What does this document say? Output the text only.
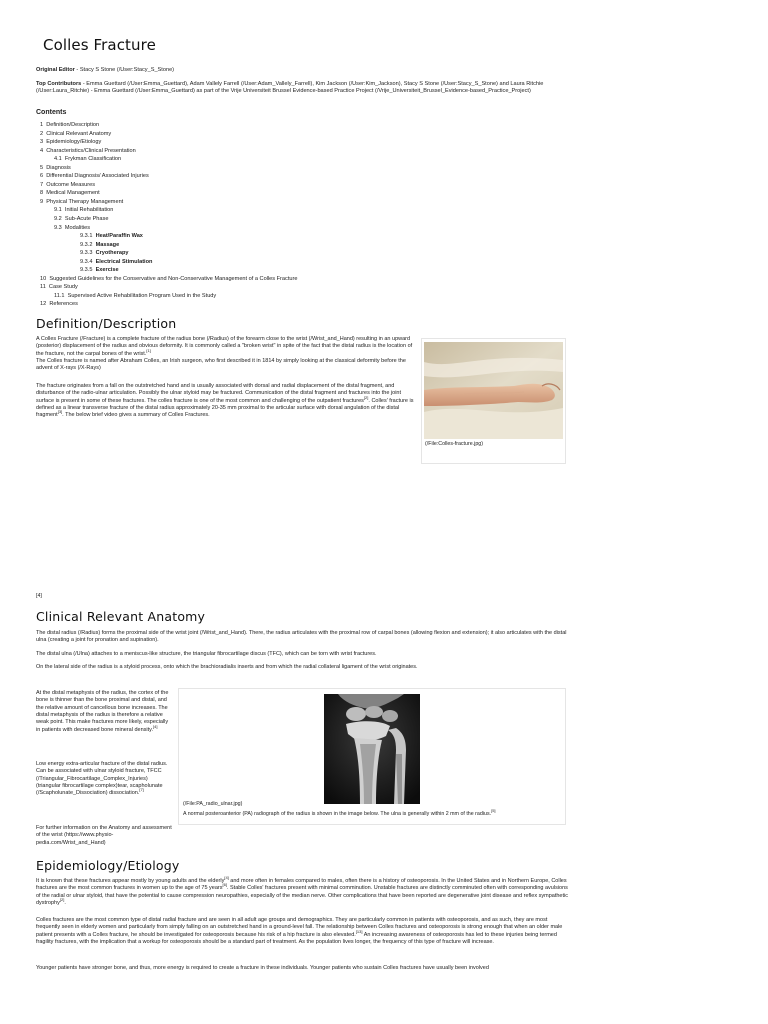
Colles Fracture
Original Editor - Stacy S Stone (/User:Stacy_S_Stone)
Top Contributors - Emma Guettard (/User:Emma_Guettard), Adam Vallely Farrell (/User:Adam_Vallely_Farrell), Kim Jackson (/User:Kim_Jackson), Stacy S Stone (/User:Stacy_S_Stone) and Laura Ritchie (/User:Laura_Ritchie) - Emma Guettard (/User:Emma_Guettard) as part of the Vrije Universiteit Brussel Evidence-based Practice Project (/Vrije_Universiteit_Brussel_Evidence-based_Practice_Project)
Contents
1 Definition/Description
2 Clinical Relevant Anatomy
3 Epidemiology/Etiology
4 Characteristics/Clinical Presentation
4.1 Frykman Classification
5 Diagnosis
6 Differential Diagnosis/ Associated Injuries
7 Outcome Measures
8 Medical Management
9 Physical Therapy Management
9.1 Initial Rehabilitation
9.2 Sub-Acute Phase
9.3 Modalities
9.3.1 Heat/Paraffin Wax
9.3.2 Massage
9.3.3 Cryotherapy
9.3.4 Electrical Stimulation
9.3.5 Exercise
10 Suggested Guidelines for the Conservative and Non-Conservative Management of a Colles Fracture
11 Case Study
11.1 Supervised Active Rehabilitation Program Used in the Study
12 References
Definition/Description

A Colles Fracture (/Fracture) is a complete fracture of the radius bone (/Radius) of the forearm close to the wrist (/Wrist_and_Hand) resulting in an upward (posterior) displacement of the radius and obvious deformity. It is commonly called a "broken wrist" in spite of the fact that the distal radius is the location of the fracture, not the carpal bones of the wrist.[1]
The Colles fracture is named after Abraham Colles, an Irish surgeon, who first described it in 1814 by simply looking at the classical deformity before the advent of X-rays (/X-Rays)

The fracture originates from a fall on the outstretched hand and is usually associated with dorsal and radial displacement of the distal fragment, and disturbance of the radio-ulnar articulation. Possibly the ulnar styloid may be fractured. Communication of the distal fragment and fractures into the joint surface is present in some of these fractures. The colles fracture is one of the most common and challenging of the outpatient fractures[2]. Colles' fracture is defined as a linear transverse fracture of the distal radius approximately 20-35 mm proximal to the articular surface with dorsal angulation of the distal fragment[3]. The below brief video gives a summary of Colles Fractures.

(/File:Colles-fracture.jpg)
[4]
Clinical Relevant Anatomy

The distal radius (/Radius) forms the proximal side of the wrist joint (/Wrist_and_Hand). There, the radius articulates with the proximal row of carpal bones (allowing flexion and extension); it also articulates with the distal ulna (creating a joint for pronation and supination).

The distal ulna (/Ulna) attaches to a meniscus-like structure, the triangular fibrocartilage discus (TFC), which can be torn with wrist fractures.

On the lateral side of the radius is a styloid process, onto which the brachioradialis inserts and from which the radial collateral ligament of the wrist originates.

At the distal metaphysis of the radius, the cortex of the bone is thinner than the bone proximal and distal, and the relative amount of cancellous bone increases. The distal metaphysis of the radius is therefore a relative weak point. This make fractures more likely, especially in patients with decreased bone mineral density.[4]

Low energy extra-articular fracture of the distal radius. Can be associated with ulnar styloid fracture, TFCC (/Triangular_Fibrocartilage_Complex_Injuries) (triangular fibrocartilage complex)tear, scapholunate (/Scapholunate_Dissociation) dissociation.[7]

For further information on the Anatomy and assessment of the wrist (https://www.physio-pedia.com/Wrist_and_Hand)

(/File:PA_radio_ulnar.jpg)
A normal posteroanterior (PA) radiograph of the radius is shown in the image below. The ulna is generally within 2 mm of the radius.[5]
Epidemiology/Etiology

It is known that these fractures appear mostly by young adults and the elderly[4] and more often in females compared to males, often there is a history of osteoporosis. In the United States and in Northern Europe, Colles fractures are the most common fractures in women up to the age of 75 years[6]. Stable Colles' fractures present with minimal comminution. Unstable fractures are distinctly comminuted often with corresponding avulsions of the radial or ulnar styloid, that have the potential to cause compression neuropathies, especially of the median nerve. Other complications that have been reported are degenerative joint disease and reflex sympathetic dystrophy[2].

Colles fractures are the most common type of distal radial fracture and are seen in all adult age groups and demographics. They are particularly common in patients with osteoporosis, and as such, they are most frequently seen in elderly women and particularly from simply falling on an outstretched hand in a ground-level fall. The relationship between Colles fractures and osteoporosis is strong enough that when an older male patient presents with a Colles fracture, he should be investigated for osteoporosis because his risk of a hip fracture is also elevated.[13] An increasing awareness of osteoporosis has led to these injuries being termed fragility fractures, with the implication that a workup for osteoporosis should be a standard part of treatment. As the population lives longer, the frequency of this type of fracture will increase.

Younger patients have stronger bone, and thus, more energy is required to create a fracture in these individuals. Younger patients who sustain Colles fractures have usually been involved
